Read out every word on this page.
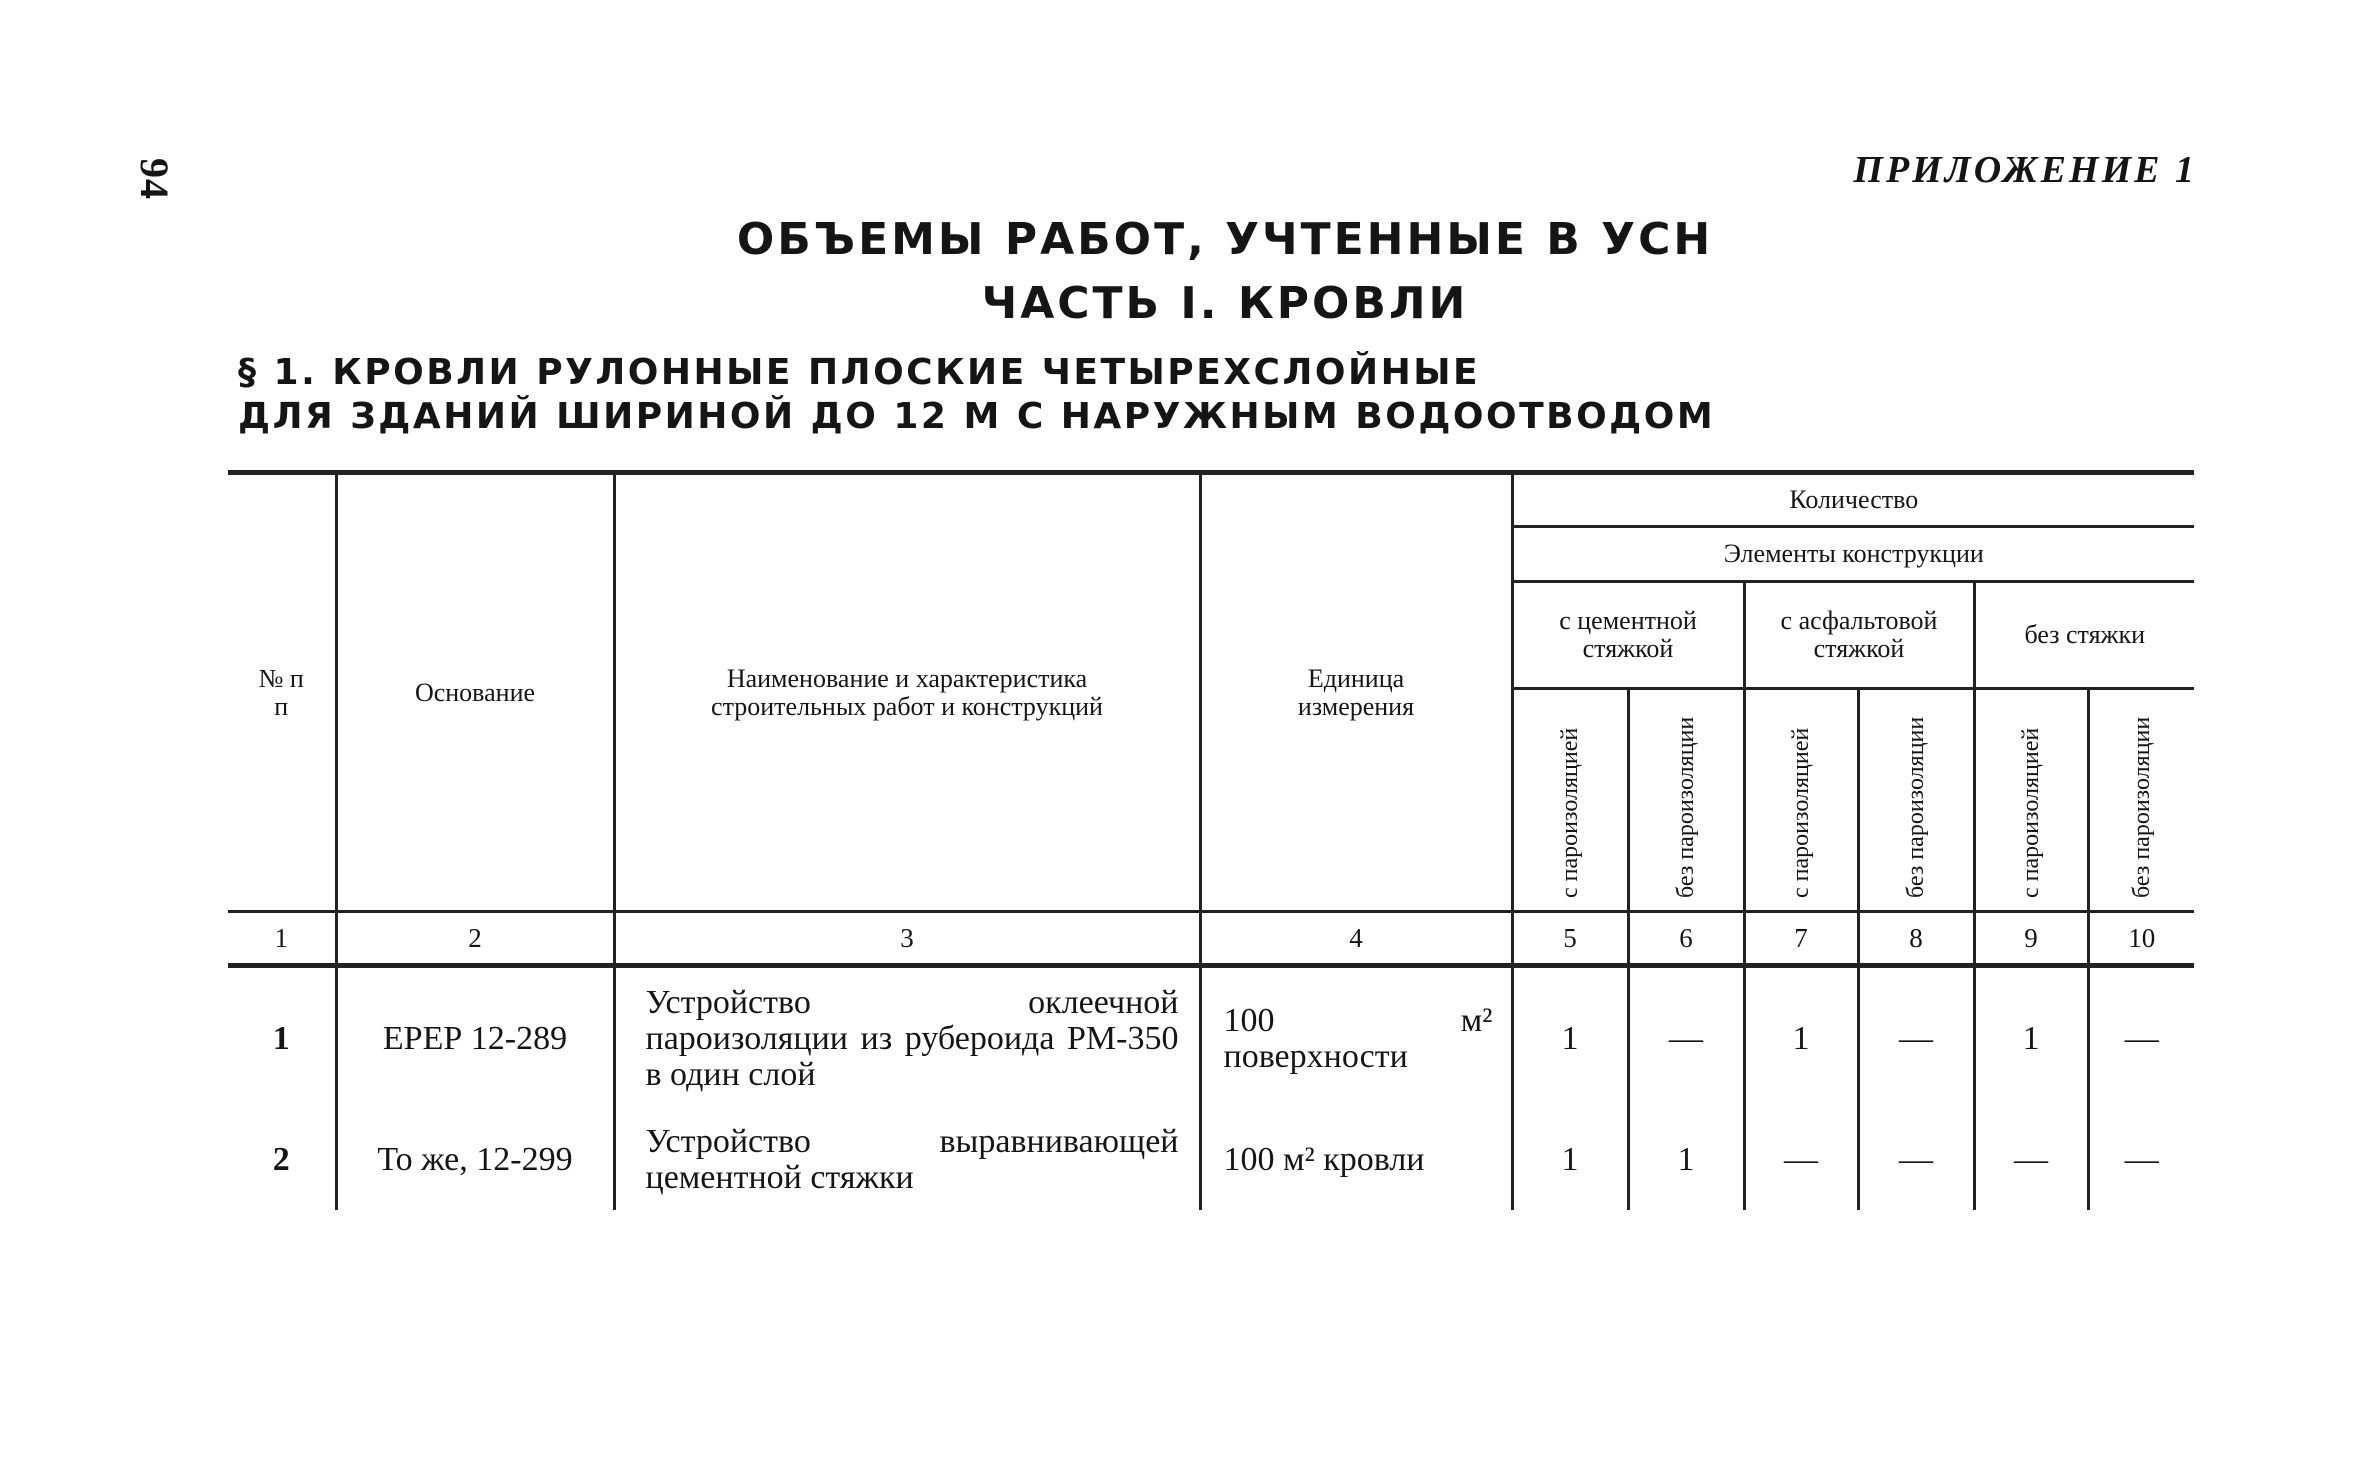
94	ПРИЛОЖЕНИЕ 1
ОБЪЕМЫ РАБОТ, УЧТЕННЫЕ В УСН
ЧАСТЬ I. КРОВЛИ
§ 1. КРОВЛИ РУЛОННЫЕ ПЛОСКИЕ ЧЕТЫРЕХСЛОЙНЫЕ
ДЛЯ ЗДАНИЙ ШИРИНОЙ ДО 12 М С НАРУЖНЫМ ВОДООТВОДОМ
№ п п	Основание	Наименование и характеристика строительных работ и конструкций	Единица измерения	Количество					
				Элементы конструкции					

				с цементной стяжкой		с асфальтовой стяжкой		без стяжки	
				с пароизоляцией	без пароизоляции	с пароизоляцией	без пароизоляции	с пароизоляцией	без пароизоляции
1	2	3	4	5	6	7	8	9	10
1	ЕРЕР 12-289	Устройство оклеечной пароизоляции из рубероида РМ-350 в один слой	100 м² поверхности	1	—	1	—	1	—
2	То же, 12-299	Устройство выравнивающей цементной стяжки	100 м² кровли	1	1	—	—	—	—
